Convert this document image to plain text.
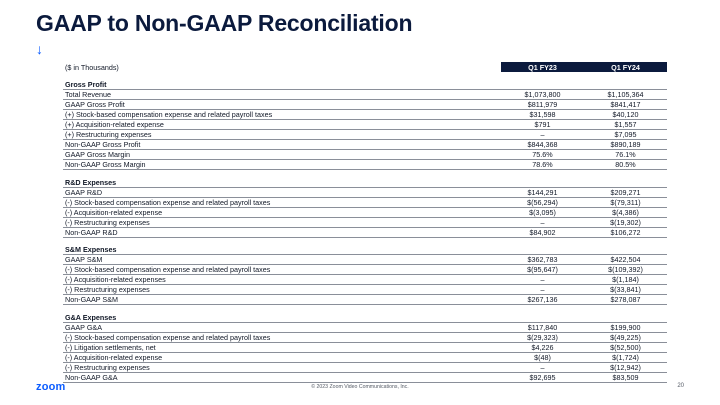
GAAP to Non-GAAP Reconciliation
↓
($ in Thousands)	Q1 FY23	Q1 FY24

Gross Profit		
Total Revenue	$1,073,800	$1,105,364
GAAP Gross Profit	$811,979	$841,417
(+) Stock-based compensation expense and related payroll taxes	$31,598	$40,120
(+) Acquisition-related expense	$791	$1,557
(+) Restructuring expenses	–	$7,095
Non-GAAP Gross Profit	$844,368	$890,189
GAAP Gross Margin	75.6%	76.1%
Non-GAAP Gross Margin	78.6%	80.5%

R&D Expenses		
GAAP R&D	$144,291	$209,271
(-) Stock-based compensation expense and related payroll taxes	$(56,294)	$(79,311)
(-) Acquisition-related expense	$(3,095)	$(4,386)
(-) Restructuring expenses	–	$(19,302)
Non-GAAP R&D	$84,902	$106,272

S&M Expenses		
GAAP S&M	$362,783	$422,504
(-) Stock-based compensation expense and related payroll taxes	$(95,647)	$(109,392)
(-) Acquisition-related expenses	–	$(1,184)
(-) Restructuring expenses	–	$(33,841)
Non-GAAP S&M	$267,136	$278,087

G&A Expenses		
GAAP G&A	$117,840	$199,900
(-) Stock-based compensation expense and related payroll taxes	$(29,323)	$(49,225)
(-) Litigation settlements, net	$4,226	$(52,500)
(-) Acquisition-related expense	$(48)	$(1,724)
(-) Restructuring expenses	–	$(12,942)
Non-GAAP G&A	$92,695	$83,509
zoom	© 2023 Zoom Video Communications, Inc.	20
